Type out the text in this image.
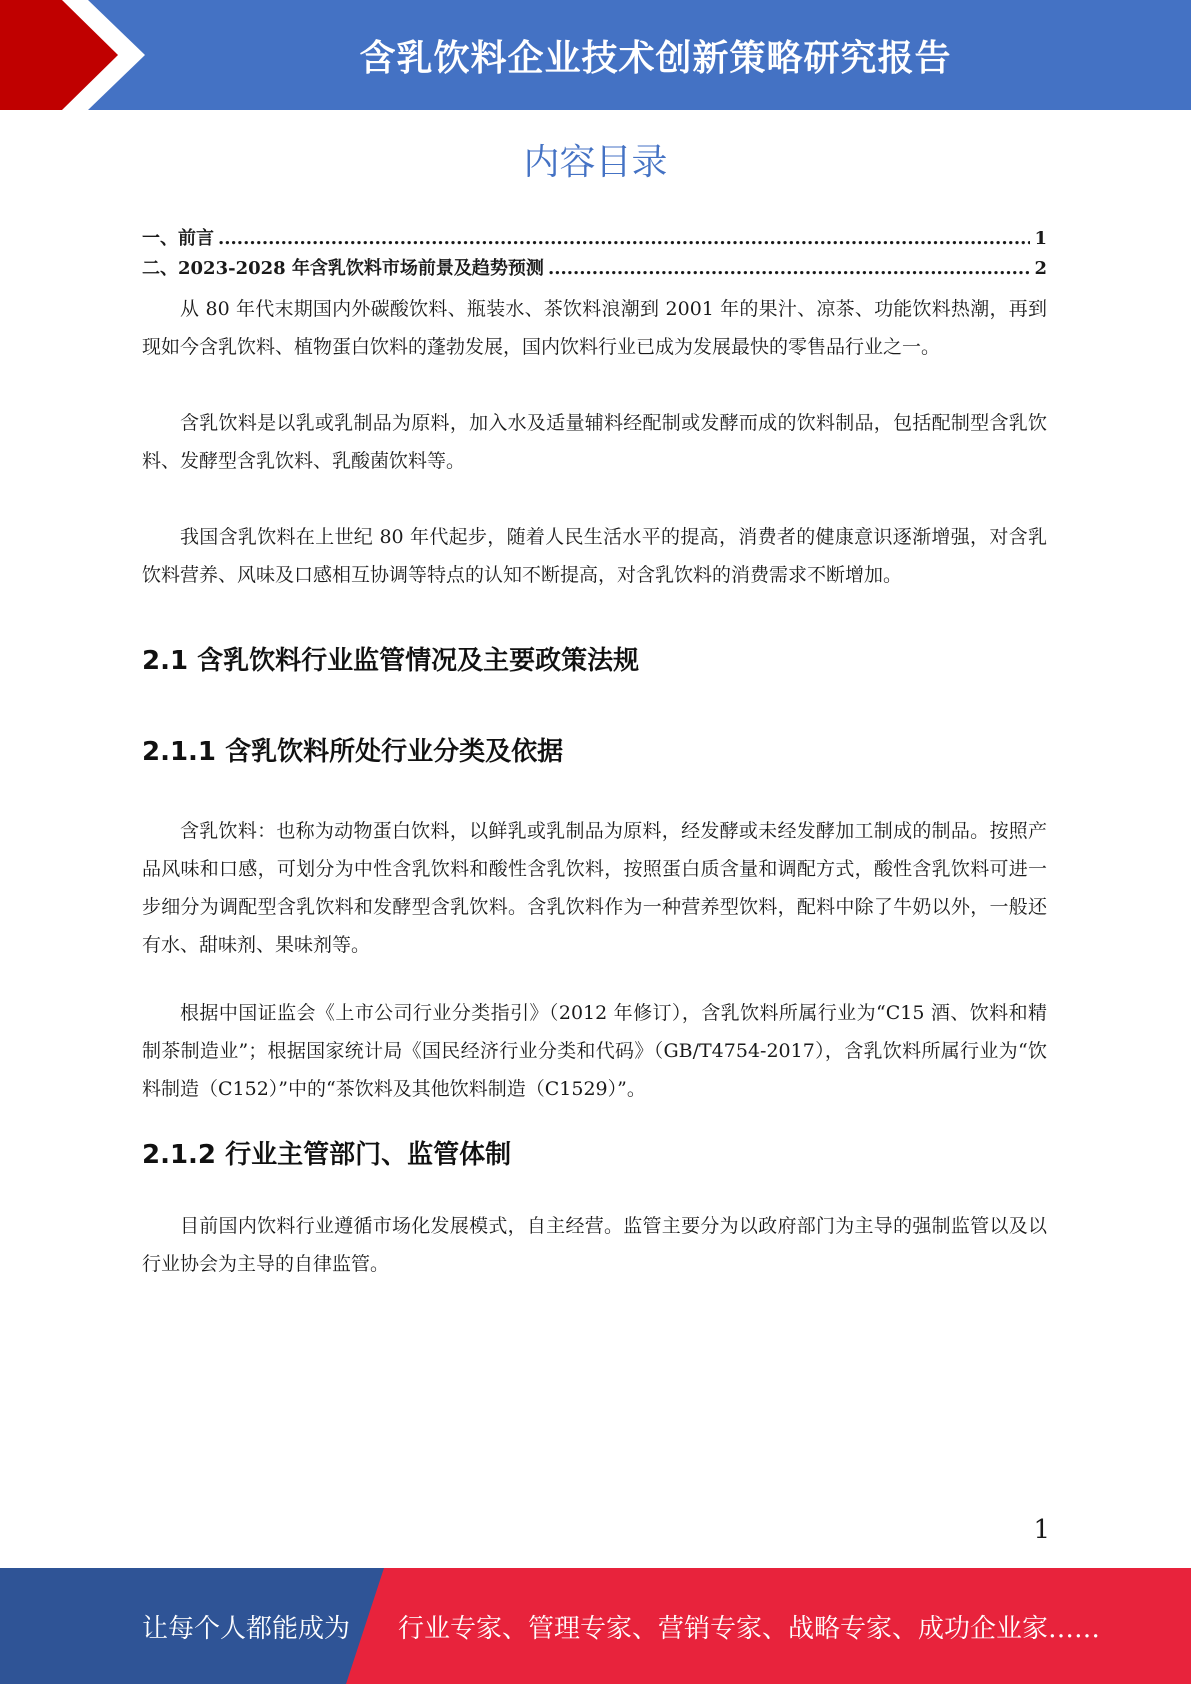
含乳饮料企业技术创新策略研究报告
内容目录
一、前言 .....	1
二、2023-2028 年含乳饮料市场前景及趋势预测 .....	2

从 80 年代末期国内外碳酸饮料、瓶装水、茶饮料浪潮到 2001 年的果汁、凉茶、功能饮料热潮，再到现如今含乳饮料、植物蛋白饮料的蓬勃发展，国内饮料行业已成为发展最快的零售品行业之一。

含乳饮料是以乳或乳制品为原料，加入水及适量辅料经配制或发酵而成的饮料制品，包括配制型含乳饮料、发酵型含乳饮料、乳酸菌饮料等。

我国含乳饮料在上世纪 80 年代起步，随着人民生活水平的提高，消费者的健康意识逐渐增强，对含乳饮料营养、风味及口感相互协调等特点的认知不断提高，对含乳饮料的消费需求不断增加。

2.1 含乳饮料行业监管情况及主要政策法规
2.1.1 含乳饮料所处行业分类及依据

含乳饮料：也称为动物蛋白饮料，以鲜乳或乳制品为原料，经发酵或未经发酵加工制成的制品。按照产品风味和口感，可划分为中性含乳饮料和酸性含乳饮料，按照蛋白质含量和调配方式，酸性含乳饮料可进一步细分为调配型含乳饮料和发酵型含乳饮料。含乳饮料作为一种营养型饮料，配料中除了牛奶以外，一般还有水、甜味剂、果味剂等。

根据中国证监会《上市公司行业分类指引》（2012 年修订），含乳饮料所属行业为“C15 酒、饮料和精制茶制造业”；根据国家统计局《国民经济行业分类和代码》（GB/T4754-2017），含乳饮料所属行业为“饮料制造（C152）”中的“茶饮料及其他饮料制造（C1529）”。

2.1.2 行业主管部门、监管体制

目前国内饮料行业遵循市场化发展模式，自主经营。监管主要分为以政府部门为主导的强制监管以及以行业协会为主导的自律监管。

1
让每个人都能成为 行业专家、管理专家、营销专家、战略专家、成功企业家……
